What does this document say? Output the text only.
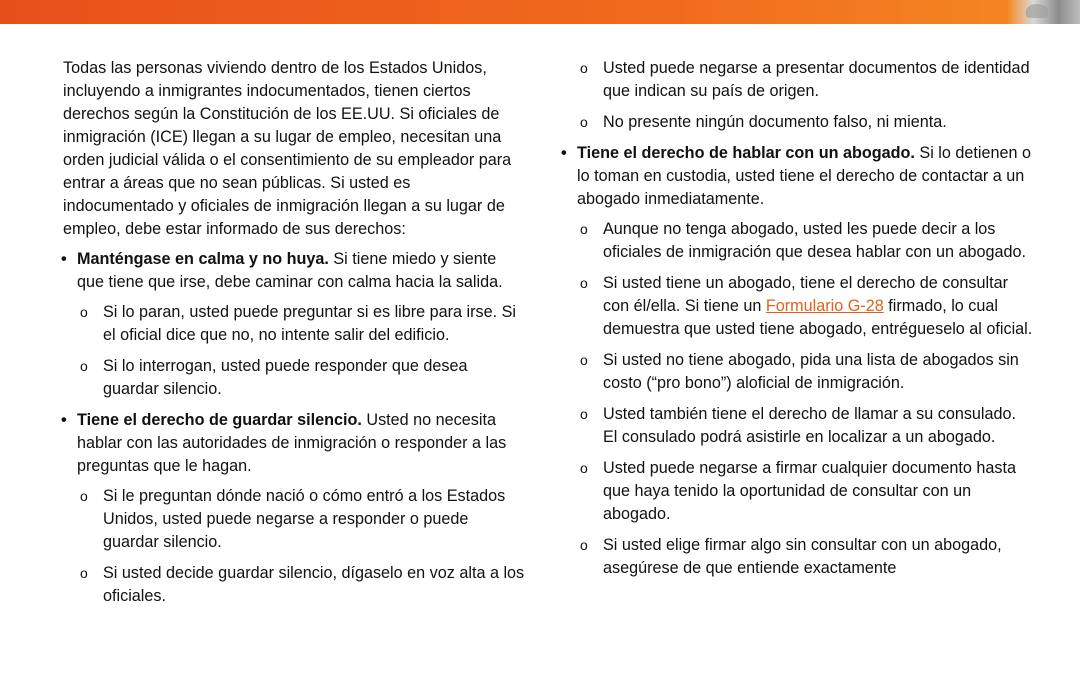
Todas las personas viviendo dentro de los Estados Unidos, incluyendo a inmigrantes indocumentados, tienen ciertos derechos según la Constitución de los EE.UU. Si oficiales de inmigración (ICE) llegan a su lugar de empleo, necesitan una orden judicial válida o el consentimiento de su empleador para entrar a áreas que no sean públicas. Si usted es indocumentado y oficiales de inmigración llegan a su lugar de empleo, debe estar informado de sus derechos:

• Manténgase en calma y no huya. Si tiene miedo y siente que tiene que irse, debe caminar con calma hacia la salida.
o Si lo paran, usted puede preguntar si es libre para irse. Si el oficial dice que no, no intente salir del edificio.
o Si lo interrogan, usted puede responder que desea guardar silencio.
• Tiene el derecho de guardar silencio. Usted no necesita hablar con las autoridades de inmigración o responder a las preguntas que le hagan.
o Si le preguntan dónde nació o cómo entró a los Estados Unidos, usted puede negarse a responder o puede guardar silencio.
o Si usted decide guardar silencio, dígaselo en voz alta a los oficiales.
o Usted puede negarse a presentar documentos de identidad que indican su país de origen.
o No presente ningún documento falso, ni mienta.
• Tiene el derecho de hablar con un abogado. Si lo detienen o lo toman en custodia, usted tiene el derecho de contactar a un abogado inmediatamente.
o Aunque no tenga abogado, usted les puede decir a los oficiales de inmigración que desea hablar con un abogado.
o Si usted tiene un abogado, tiene el derecho de consultar con él/ella. Si tiene un Formulario G-28 firmado, lo cual demuestra que usted tiene abogado, entrégueselo al oficial.
o Si usted no tiene abogado, pida una lista de abogados sin costo (“pro bono”) aloficial de inmigración.
o Usted también tiene el derecho de llamar a su consulado. El consulado podrá asistirle en localizar a un abogado.
o Usted puede negarse a firmar cualquier documento hasta que haya tenido la oportunidad de consultar con un abogado.
o Si usted elige firmar algo sin consultar con un abogado, asegúrese de que entiende exactamente
